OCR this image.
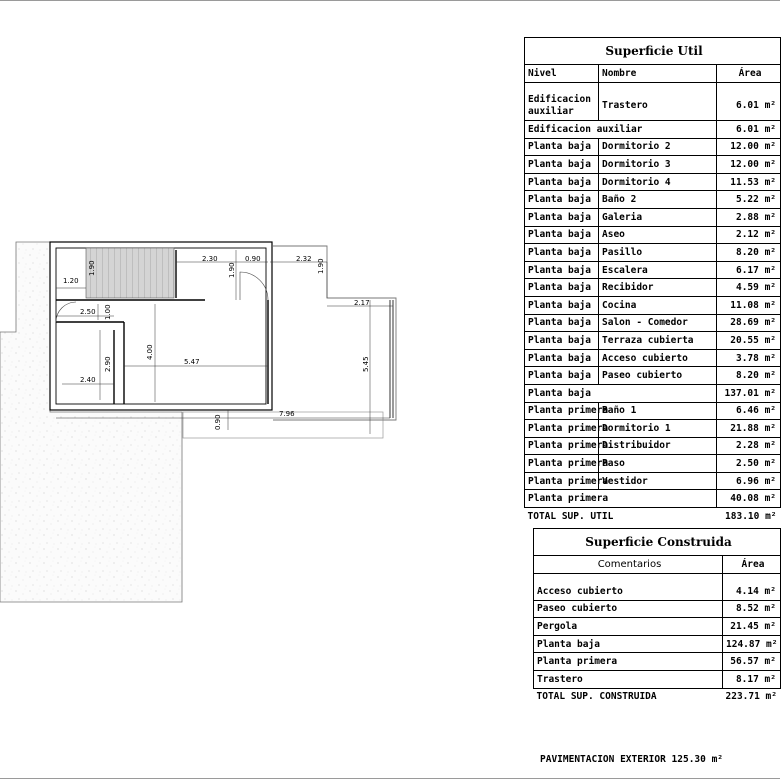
1.90
1.20
2.30	0.90
1.90
2.32 1.90
2.17
2.50 1.00
2.90
4.00
5.47	5.45
2.40
7.96
0.90
Superficie Util		
Nivel	Nombre	Área

Edificacion auxiliar	Trastero	6.01 m²
Edificacion auxiliar		6.01 m²
Planta baja	Dormitorio 2	12.00 m²
Planta baja	Dormitorio 3	12.00 m²
Planta baja	Dormitorio 4	11.53 m²
Planta baja	Baño 2	5.22 m²
Planta baja	Galeria	2.88 m²
Planta baja	Aseo	2.12 m²
Planta baja	Pasillo	8.20 m²
Planta baja	Escalera	6.17 m²
Planta baja	Recibidor	4.59 m²
Planta baja	Cocina	11.08 m²
Planta baja	Salon - Comedor	28.69 m²
Planta baja	Terraza cubierta	20.55 m²
Planta baja	Acceso cubierto	3.78 m²
Planta baja	Paseo cubierto	8.20 m²
Planta baja		137.01 m²
Planta primera	Baño 1	6.46 m²
Planta primera	Dormitorio 1	21.88 m²
Planta primera	Distribuidor	2.28 m²
Planta primera	Paso	2.50 m²
Planta primera	Vestidor	6.96 m²
Planta primera		40.08 m²
TOTAL SUP. UTIL		183.10 m²
Superficie Construida	
Comentarios	Área

Acceso cubierto	4.14 m²
Paseo cubierto	8.52 m²
Pergola	21.45 m²
Planta baja	124.87 m²
Planta primera	56.57 m²
Trastero	8.17 m²
TOTAL SUP. CONSTRUIDA	223.71 m²
PAVIMENTACION EXTERIOR 125.30 m²
